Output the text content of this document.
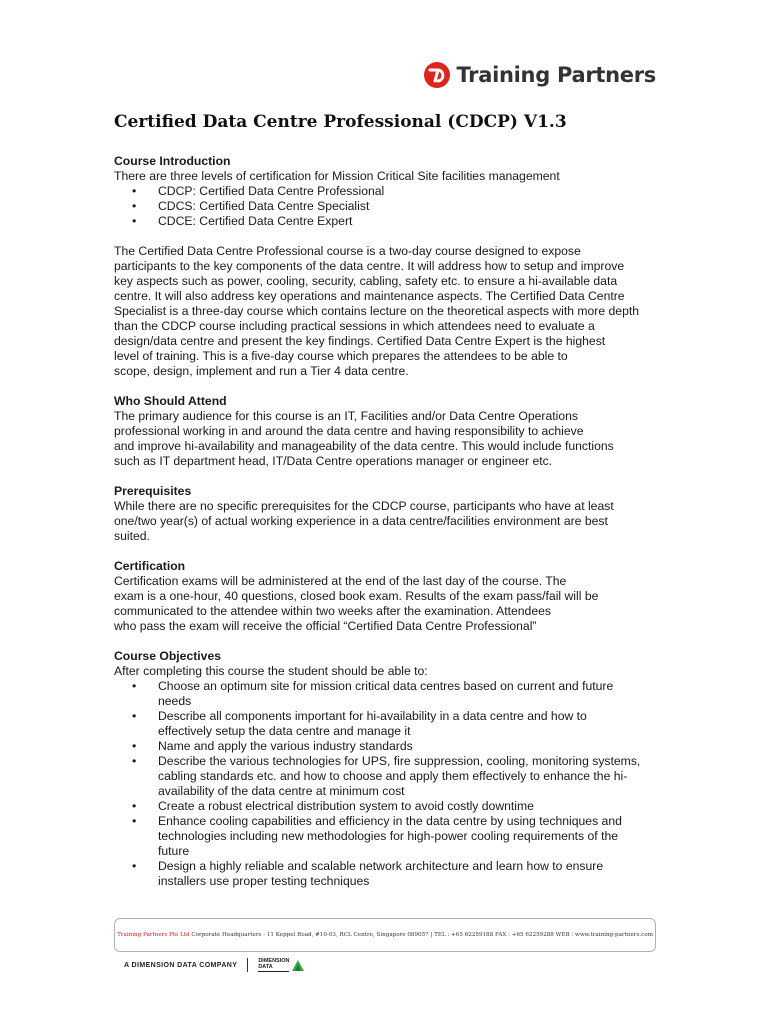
Training Partners
Certified Data Centre Professional (CDCP) V1.3
Course Introduction

There are three levels of certification for Mission Critical Site facilities management

• CDCP: Certified Data Centre Professional
• CDCS: Certified Data Centre Specialist
• CDCE: Certified Data Centre Expert

The Certified Data Centre Professional course is a two-day course designed to expose
participants to the key components of the data centre. It will address how to setup and improve
key aspects such as power, cooling, security, cabling, safety etc. to ensure a hi-available data
centre. It will also address key operations and maintenance aspects. The Certified Data Centre
Specialist is a three-day course which contains lecture on the theoretical aspects with more depth
than the CDCP course including practical sessions in which attendees need to evaluate a
design/data centre and present the key findings. Certified Data Centre Expert is the highest
level of training. This is a five-day course which prepares the attendees to be able to
scope, design, implement and run a Tier 4 data centre.

Who Should Attend

The primary audience for this course is an IT, Facilities and/or Data Centre Operations
professional working in and around the data centre and having responsibility to achieve
and improve hi-availability and manageability of the data centre. This would include functions
such as IT department head, IT/Data Centre operations manager or engineer etc.

Prerequisites

While there are no specific prerequisites for the CDCP course, participants who have at least
one/two year(s) of actual working experience in a data centre/facilities environment are best
suited.

Certification

Certification exams will be administered at the end of the last day of the course. The
exam is a one-hour, 40 questions, closed book exam. Results of the exam pass/fail will be
communicated to the attendee within two weeks after the examination. Attendees
who pass the exam will receive the official “Certified Data Centre Professional”

Course Objectives

After completing this course the student should be able to:

• Choose an optimum site for mission critical data centres based on current and future
needs
• Describe all components important for hi-availability in a data centre and how to
effectively setup the data centre and manage it
• Name and apply the various industry standards
• Describe the various technologies for UPS, fire suppression, cooling, monitoring systems,
cabling standards etc. and how to choose and apply them effectively to enhance the hi-
availability of the data centre at minimum cost
• Create a robust electrical distribution system to avoid costly downtime
• Enhance cooling capabilities and efficiency in the data centre by using techniques and
technologies including new methodologies for high-power cooling requirements of the
future
• Design a highly reliable and scalable network architecture and learn how to ensure
installers use proper testing techniques
Training Partners Pte Ltd Corporate Headquarters - 11 Keppel Road, #10-03, RCL Centre, Singapore 089057 | TEL : +65 62259188 FAX : +65 62259288 WEB : www.training-partners.com
A DIMENSION DATA COMPANY
DIMENSION
DATA
